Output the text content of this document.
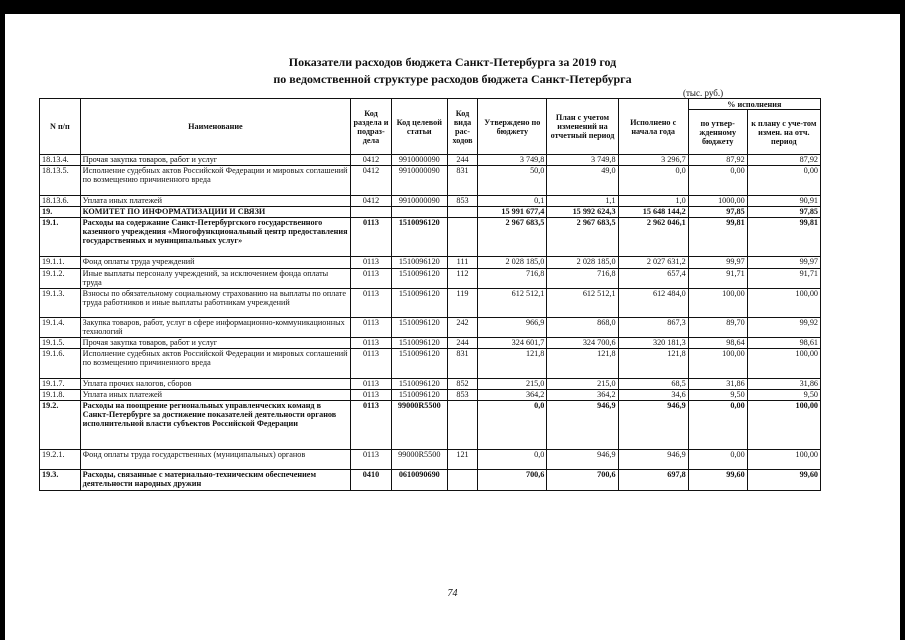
Показатели расходов бюджета Санкт-Петербурга за 2019 год
по ведомственной структуре расходов бюджета Санкт-Петербурга
(тыс. руб.)
N п/п	Наименование	Код раздела и подраз-дела	Код целевой статьи	Код вида рас-ходов	Утверждено по бюджету	План с учетом изменений на отчетный период	Исполнено с начала года	% исполнения	
								по утвер-жденному бюджету	к плану с уче-том измен. на отч. период
18.13.4.	Прочая закупка товаров, работ и услуг	0412	9910000090	244	3 749,8	3 749,8	3 296,7	87,92	87,92
18.13.5.	Исполнение судебных актов Российской Федерации и мировых соглашений по возмещению причиненного вреда	0412	9910000090	831	50,0	49,0	0,0	0,00	0,00
18.13.6.	Уплата иных платежей	0412	9910000090	853	0,1	1,1	1,0	1000,00	90,91
19.	КОМИТЕТ ПО ИНФОРМАТИЗАЦИИ И СВЯЗИ				15 991 677,4	15 992 624,3	15 648 144,2	97,85	97,85
19.1.	Расходы на содержание Санкт-Петербургского государственного казенного учреждения «Многофункциональный центр предоставления государственных и муниципальных услуг»	0113	1510096120		2 967 683,5	2 967 683,5	2 962 046,1	99,81	99,81
19.1.1.	Фонд оплаты труда учреждений	0113	1510096120	111	2 028 185,0	2 028 185,0	2 027 631,2	99,97	99,97
19.1.2.	Иные выплаты персоналу учреждений, за исключением фонда оплаты труда	0113	1510096120	112	716,8	716,8	657,4	91,71	91,71
19.1.3.	Взносы по обязательному социальному страхованию на выплаты по оплате труда работников и иные выплаты работникам учреждений	0113	1510096120	119	612 512,1	612 512,1	612 484,0	100,00	100,00
19.1.4.	Закупка товаров, работ, услуг в сфере информационно-коммуникационных технологий	0113	1510096120	242	966,9	868,0	867,3	89,70	99,92
19.1.5.	Прочая закупка товаров, работ и услуг	0113	1510096120	244	324 601,7	324 700,6	320 181,3	98,64	98,61
19.1.6.	Исполнение судебных актов Российской Федерации и мировых соглашений по возмещению причиненного вреда	0113	1510096120	831	121,8	121,8	121,8	100,00	100,00
19.1.7.	Уплата прочих налогов, сборов	0113	1510096120	852	215,0	215,0	68,5	31,86	31,86
19.1.8.	Уплата иных платежей	0113	1510096120	853	364,2	364,2	34,6	9,50	9,50
19.2.	Расходы на поощрение региональных управленческих команд в Санкт-Петербурге за достижение показателей деятельности органов исполнительной власти субъектов Российской Федерации	0113	99000R5500		0,0	946,9	946,9	0,00	100,00
19.2.1.	Фонд оплаты труда государственных (муниципальных) органов	0113	99000R5500	121	0,0	946,9	946,9	0,00	100,00
19.3.	Расходы, связанные с материально-техническим обеспечением деятельности народных дружин	0410	0610090690		700,6	700,6	697,8	99,60	99,60
74
